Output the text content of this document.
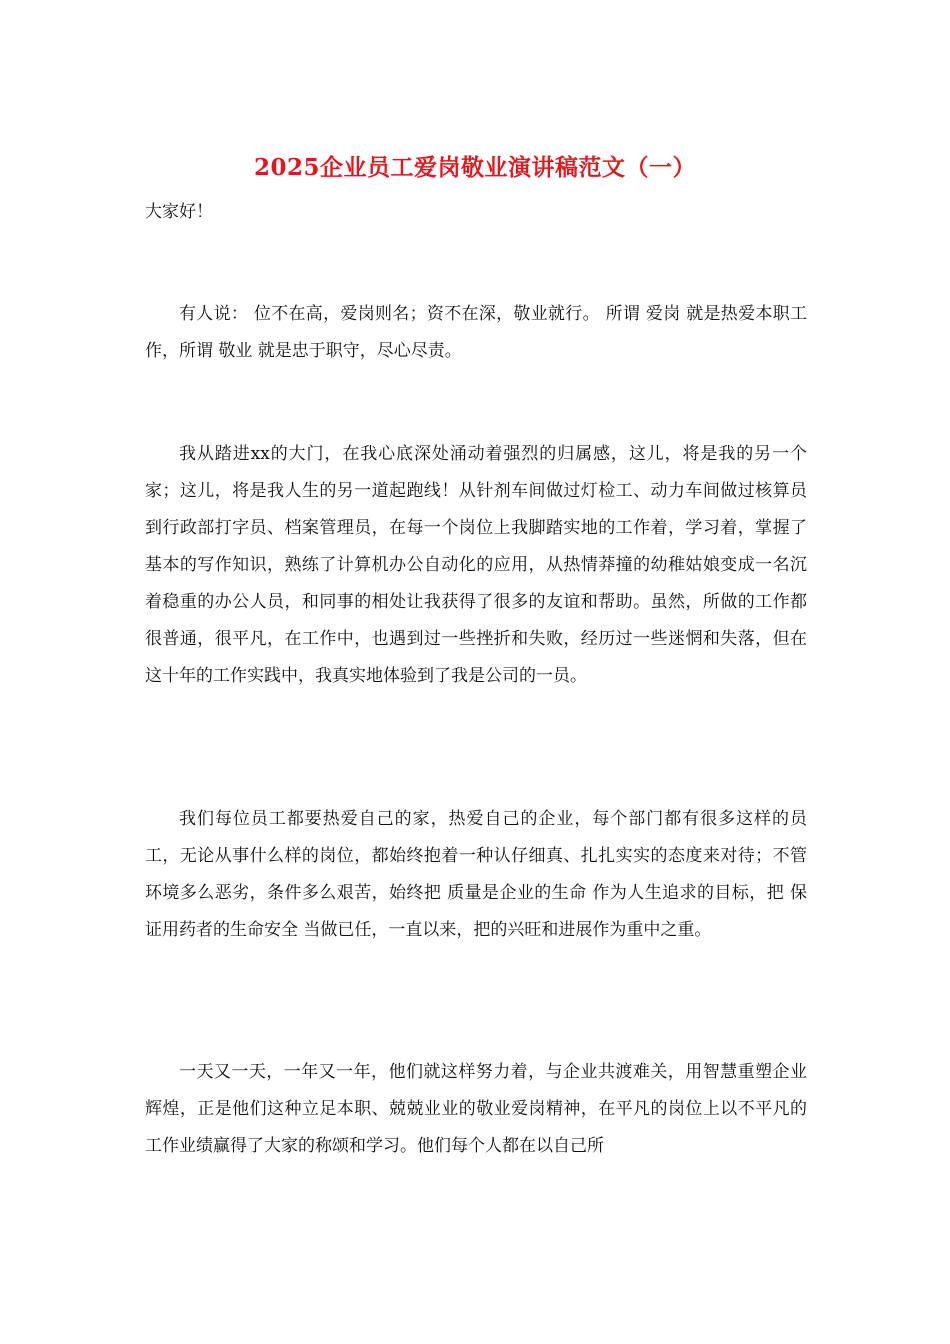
2025企业员工爱岗敬业演讲稿范文（一）
大家好！

有人说： 位不在高，爱岗则名；资不在深，敬业就行。 所谓 爱岗 就是热爱本职工作，所谓 敬业 就是忠于职守，尽心尽责。

我从踏进xx的大门，在我心底深处涌动着强烈的归属感，这儿，将是我的另一个家；这儿，将是我人生的另一道起跑线！从针剂车间做过灯检工、动力车间做过核算员到行政部打字员、档案管理员，在每一个岗位上我脚踏实地的工作着，学习着，掌握了基本的写作知识，熟练了计算机办公自动化的应用，从热情莽撞的幼稚姑娘变成一名沉着稳重的办公人员，和同事的相处让我获得了很多的友谊和帮助。虽然，所做的工作都很普通，很平凡，在工作中，也遇到过一些挫折和失败，经历过一些迷惘和失落，但在这十年的工作实践中，我真实地体验到了我是公司的一员。

我们每位员工都要热爱自己的家，热爱自己的企业，每个部门都有很多这样的员工，无论从事什么样的岗位，都始终抱着一种认仔细真、扎扎实实的态度来对待；不管环境多么恶劣，条件多么艰苦，始终把 质量是企业的生命 作为人生追求的目标，把 保证用药者的生命安全 当做已任，一直以来，把的兴旺和进展作为重中之重。

一天又一天，一年又一年，他们就这样努力着，与企业共渡难关，用智慧重塑企业辉煌，正是他们这种立足本职、兢兢业业的敬业爱岗精神，在平凡的岗位上以不平凡的工作业绩赢得了大家的称颂和学习。他们每个人都在以自己所
